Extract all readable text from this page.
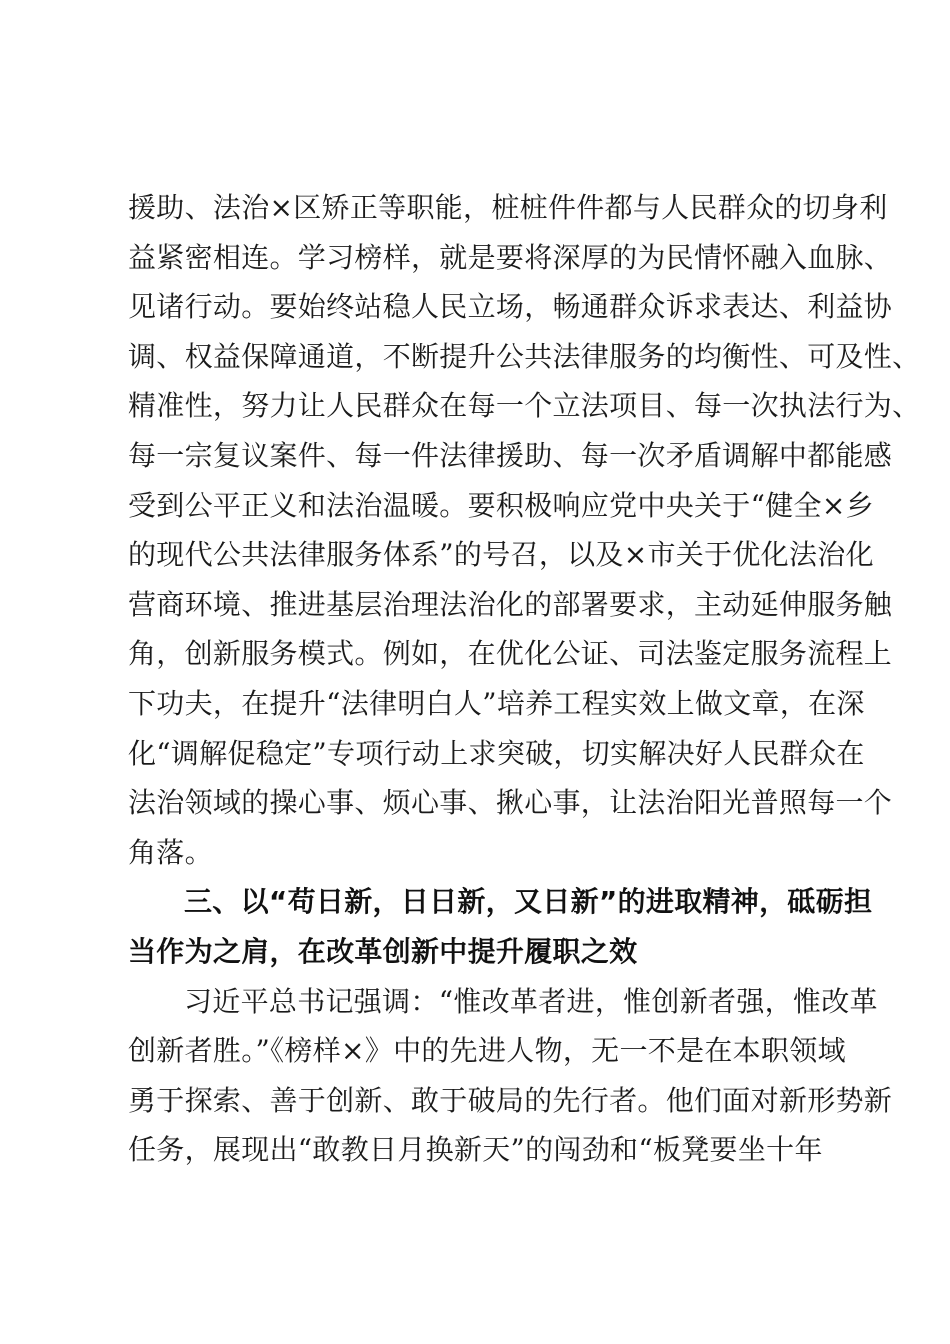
援助、法治×区矫正等职能，桩桩件件都与人民群众的切身利
益紧密相连。学习榜样，就是要将深厚的为民情怀融入血脉、
见诸行动。要始终站稳人民立场，畅通群众诉求表达、利益协
调、权益保障通道，不断提升公共法律服务的均衡性、可及性、
精准性，努力让人民群众在每一个立法项目、每一次执法行为、
每一宗复议案件、每一件法律援助、每一次矛盾调解中都能感
受到公平正义和法治温暖。要积极响应党中央关于“健全×乡
的现代公共法律服务体系”的号召，以及×市关于优化法治化
营商环境、推进基层治理法治化的部署要求，主动延伸服务触
角，创新服务模式。例如，在优化公证、司法鉴定服务流程上
下功夫，在提升“法律明白人”培养工程实效上做文章，在深
化“调解促稳定”专项行动上求突破，切实解决好人民群众在
法治领域的操心事、烦心事、揪心事，让法治阳光普照每一个
角落。
三、以“苟日新，日日新，又日新”的进取精神，砥砺担
当作为之肩，在改革创新中提升履职之效
习近平总书记强调：“惟改革者进，惟创新者强，惟改革
创新者胜。”《榜样×》中的先进人物，无一不是在本职领域
勇于探索、善于创新、敢于破局的先行者。他们面对新形势新
任务，展现出“敢教日月换新天”的闯劲和“板凳要坐十年
